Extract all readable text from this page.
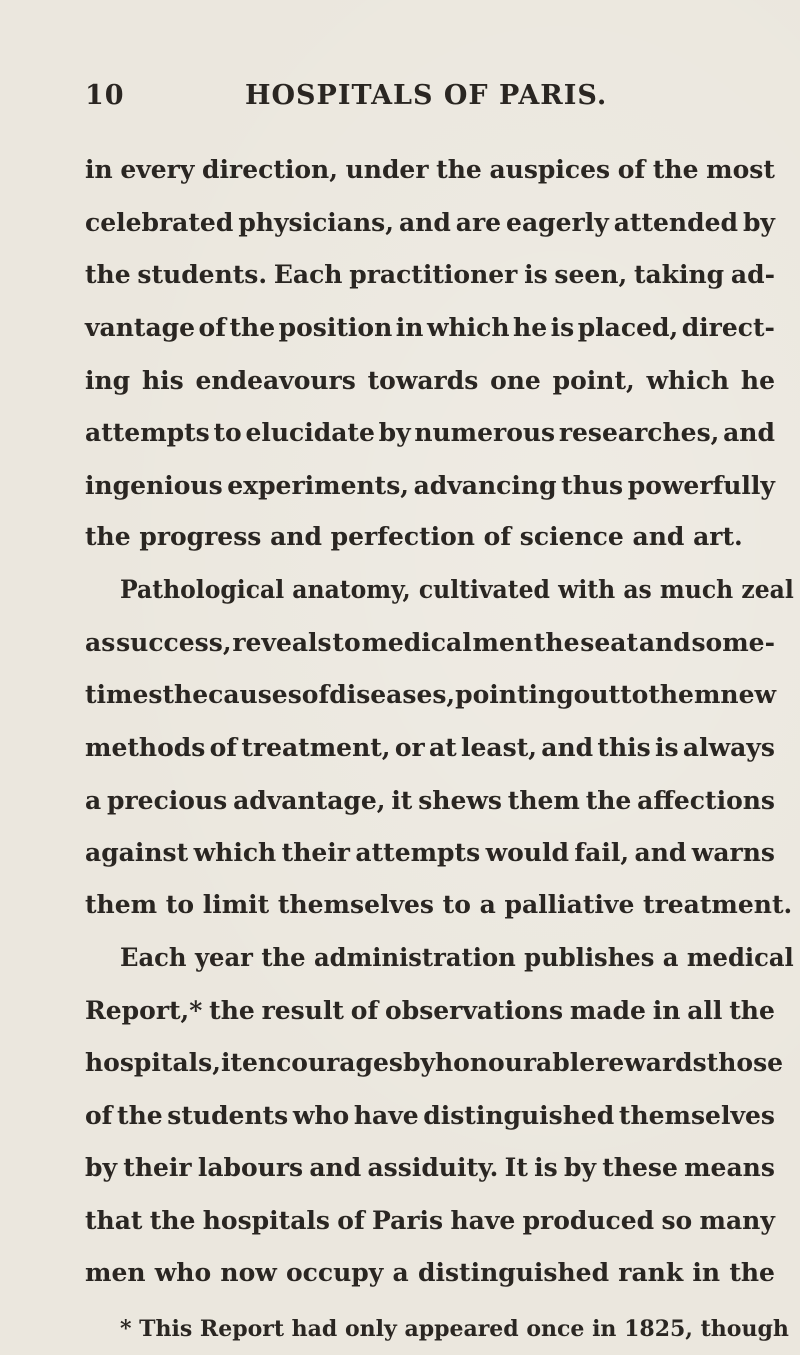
10	HOSPITALS OF PARIS.
in every direction, under the auspices of the most
celebrated physicians, and are eagerly attended by
the students. Each practitioner is seen, taking ad-
vantage of the position in which he is placed, direct-
ing his endeavours towards one point, which he
attempts to elucidate by numerous researches, and
ingenious experiments, advancing thus powerfully
the progress and perfection of science and art.
Pathological anatomy, cultivated with as much zeal
as success, reveals to medical men the seat and some-
times the causes of diseases, pointing out to them new
methods of treatment, or at least, and this is always
a precious advantage, it shews them the affections
against which their attempts would fail, and warns
them to limit themselves to a palliative treatment.
Each year the administration publishes a medical
Report,* the result of observations made in all the
hospitals, it encourages by honourable rewards those
of the students who have distinguished themselves
by their labours and assiduity. It is by these means
that the hospitals of Paris have produced so many
men who now occupy a distinguished rank in the
* This Report had only appeared once in 1825, though
